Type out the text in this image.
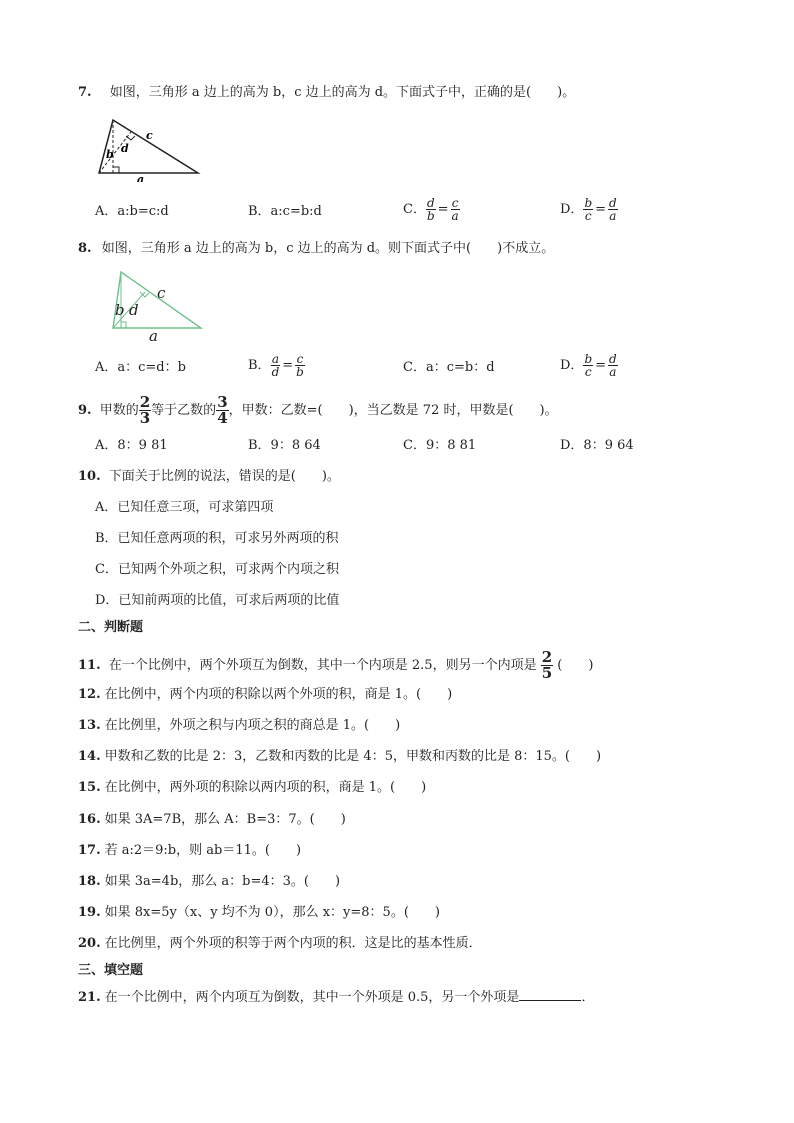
7. 如图，三角形 a 边上的高为 b，c 边上的高为 d。下面式子中，正确的是(　　)。
b d
c
a
A．a:b=c:d	B．a:c=b:d	C． $\frac{d}{b} = \frac{c}{a}$	D． $\frac{b}{c} = \frac{d}{a}$
8. 如图，三角形 a 边上的高为 b，c 边上的高为 d。则下面式子中(　　)不成立。
b d
c
a
A．a：c=d：b	B． $\frac{a}{d} = \frac{c}{b}$	C．a：c=b：d	D． $\frac{b}{c} = \frac{d}{a}$
9. 甲数的 $\frac{2}{3}$ 等于乙数的 $\frac{3}{4}$ ，甲数：乙数=(　　)，当乙数是 72 时，甲数是(　　)。
A．8：9 81	B．9：8 64	C．9：8 81	D．8：9 64
10. 下面关于比例的说法，错误的是(　　)。
A．已知任意三项，可求第四项
B．已知任意两项的积，可求另外两项的积
C．已知两个外项之积，可求两个内项之积
D．已知前两项的比值，可求后两项的比值
二、判断题
11. 在一个比例中，两个外项互为倒数，其中一个内项是 2.5，则另一个内项是 $\frac{2}{5}$ (　　)
12. 在比例中，两个内项的积除以两个外项的积，商是 1。(　　)
13. 在比例里，外项之积与内项之积的商总是 1。(　　)
14. 甲数和乙数的比是 2：3，乙数和丙数的比是 4：5，甲数和丙数的比是 8：15。(　　)
15. 在比例中，两外项的积除以两内项的积，商是 1。(　　)
16. 如果 3A=7B，那么 A：B=3：7。(　　)
17. 若 a:2＝9:b，则 ab＝11。(　　)
18. 如果 3a=4b，那么 a：b=4：3。(　　)
19. 如果 8x=5y（x、y 均不为 0），那么 x：y=8：5。(　　)
20. 在比例里，两个外项的积等于两个内项的积．这是比的基本性质．
三、填空题
21. 在一个比例中，两个内项互为倒数，其中一个外项是 0.5，另一个外项是	．
